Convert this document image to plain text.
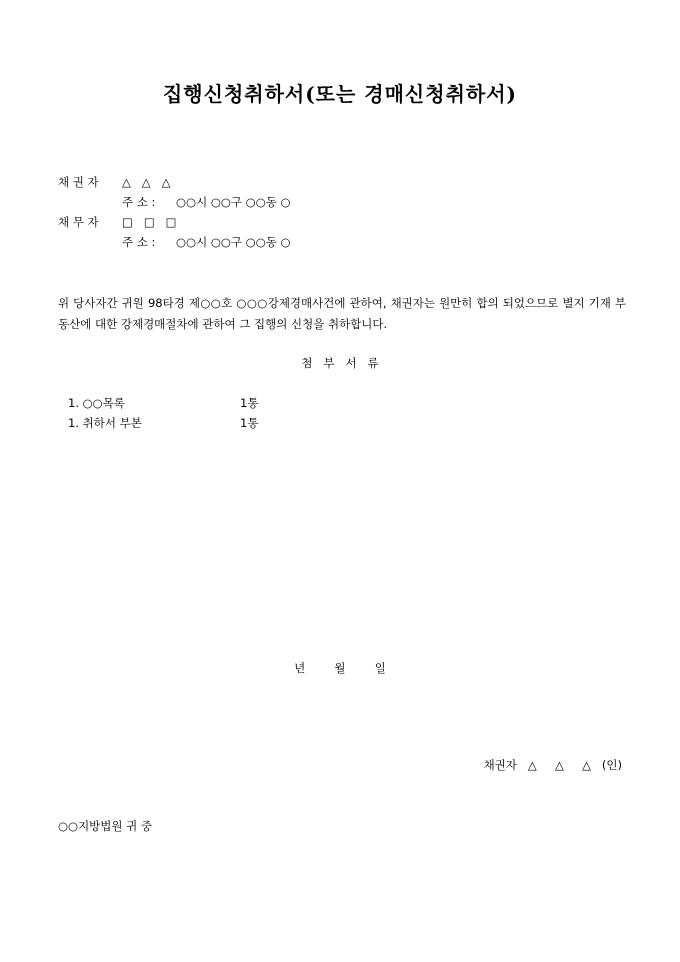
집행신청취하서(또는 경매신청취하서)
채 권 자 △   △   △
주 소 : ○○시 ○○구 ○○동 ○
채 무 자 □   □   □
주 소 : ○○시 ○○구 ○○동 ○
위 당사자간 귀원 98타경 제○○호 ○○○강제경매사건에 관하여, 채권자는 원만히 합의 되었으므로 별지 기재 부동산에 대한 강제경매절차에 관하여 그 집행의 신청을 취하합니다.
첨   부   서   류
1. ○○목록	1통
1. 취하서 부본	1통
년        월        일
채권자   △     △     △   (인)
○○지방법원 귀 중
